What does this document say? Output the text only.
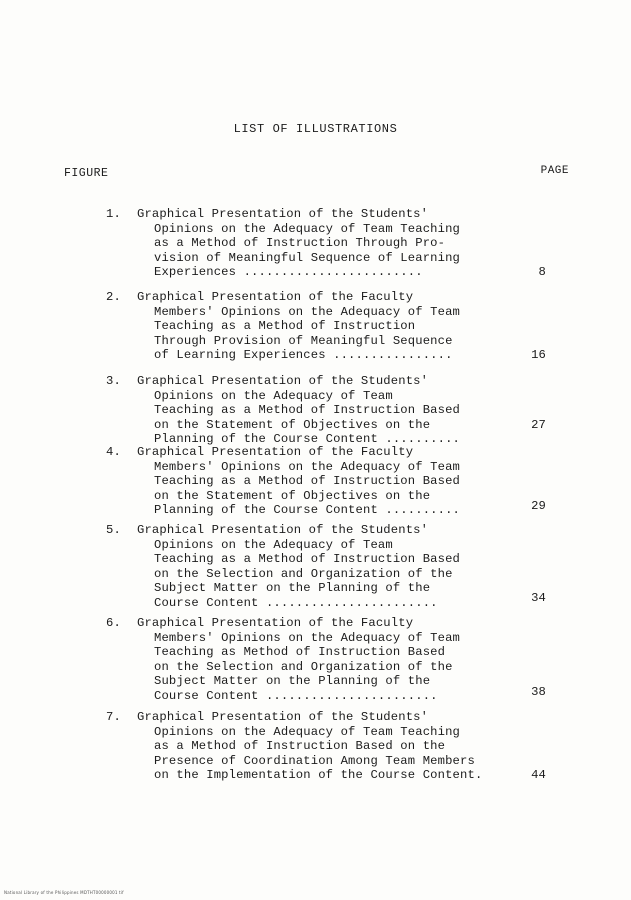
LIST OF ILLUSTRATIONS
FIGURE	PAGE
1. Graphical Presentation of the Students'
Opinions on the Adequacy of Team Teaching
as a Method of Instruction Through Pro-
vision of Meaningful Sequence of Learning
Experiences ........................	8
2. Graphical Presentation of the Faculty
Members' Opinions on the Adequacy of Team
Teaching as a Method of Instruction
Through Provision of Meaningful Sequence
of Learning Experiences ................	16
3. Graphical Presentation of the Students'
Opinions on the Adequacy of Team
Teaching as a Method of Instruction Based
on the Statement of Objectives on the
Planning of the Course Content ..........
27
4. Graphical Presentation of the Faculty
Members' Opinions on the Adequacy of Team
Teaching as a Method of Instruction Based
on the Statement of Objectives on the
Planning of the Course Content ..........	29
5. Graphical Presentation of the Students'
Opinions on the Adequacy of Team
Teaching as a Method of Instruction Based
on the Selection and Organization of the
Subject Matter on the Planning of the
Course Content .......................	34
6. Graphical Presentation of the Faculty
Members' Opinions on the Adequacy of Team
Teaching as Method of Instruction Based
on the Selection and Organization of the
Subject Matter on the Planning of the
Course Content .......................	38
7. Graphical Presentation of the Students'
Opinions on the Adequacy of Team Teaching
as a Method of Instruction Based on the
Presence of Coordination Among Team Members
on the Implementation of the Course Content.	44
National Library of the Philippines MDTHT00000001 tif
